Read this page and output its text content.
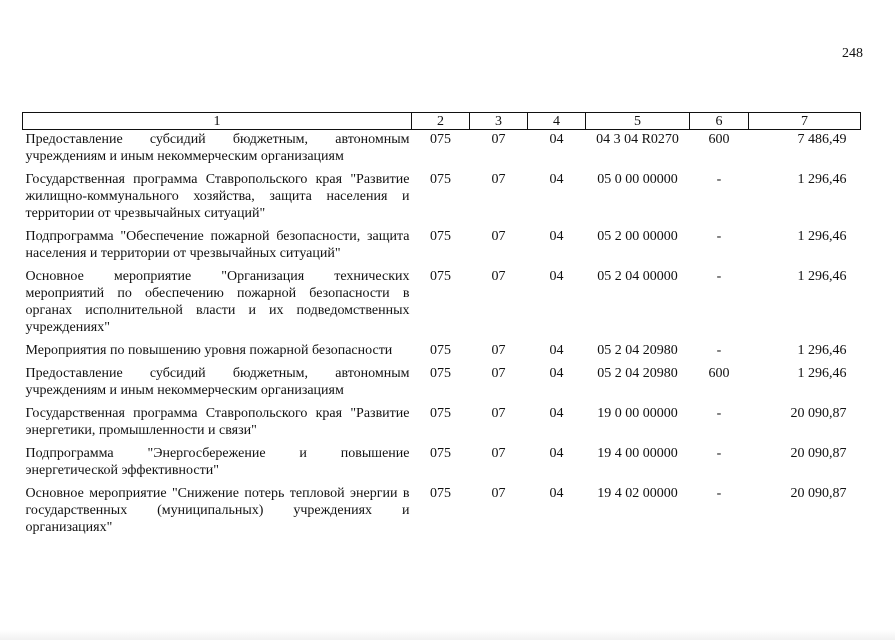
248
1	2	3	4	5	6	7
Предоставление субсидий бюджетным, автономным учреждениям и иным некоммерческим организациям	075	07	04	04 3 04 R0270	600	7 486,49
Государственная программа Ставропольского края "Развитие жилищно-коммунального хозяйства, защита населения и территории от чрезвычайных ситуаций"	075	07	04	05 0 00 00000	-	1 296,46
Подпрограмма "Обеспечение пожарной безопасности, защита населения и территории от чрезвычайных ситуаций"	075	07	04	05 2 00 00000	-	1 296,46
Основное мероприятие "Организация технических мероприятий по обеспечению пожарной безопасности в органах исполнительной власти и их подведомственных учреждениях"	075	07	04	05 2 04 00000	-	1 296,46
Мероприятия по повышению уровня пожарной безопасности	075	07	04	05 2 04 20980	-	1 296,46
Предоставление субсидий бюджетным, автономным учреждениям и иным некоммерческим организациям	075	07	04	05 2 04 20980	600	1 296,46
Государственная программа Ставропольского края "Развитие энергетики, промышленности и связи"	075	07	04	19 0 00 00000	-	20 090,87
Подпрограмма "Энергосбережение и повышение энергетической эффективности"	075	07	04	19 4 00 00000	-	20 090,87
Основное мероприятие "Снижение потерь тепловой энергии в государственных (муниципальных) учреждениях и организациях"	075	07	04	19 4 02 00000	-	20 090,87
